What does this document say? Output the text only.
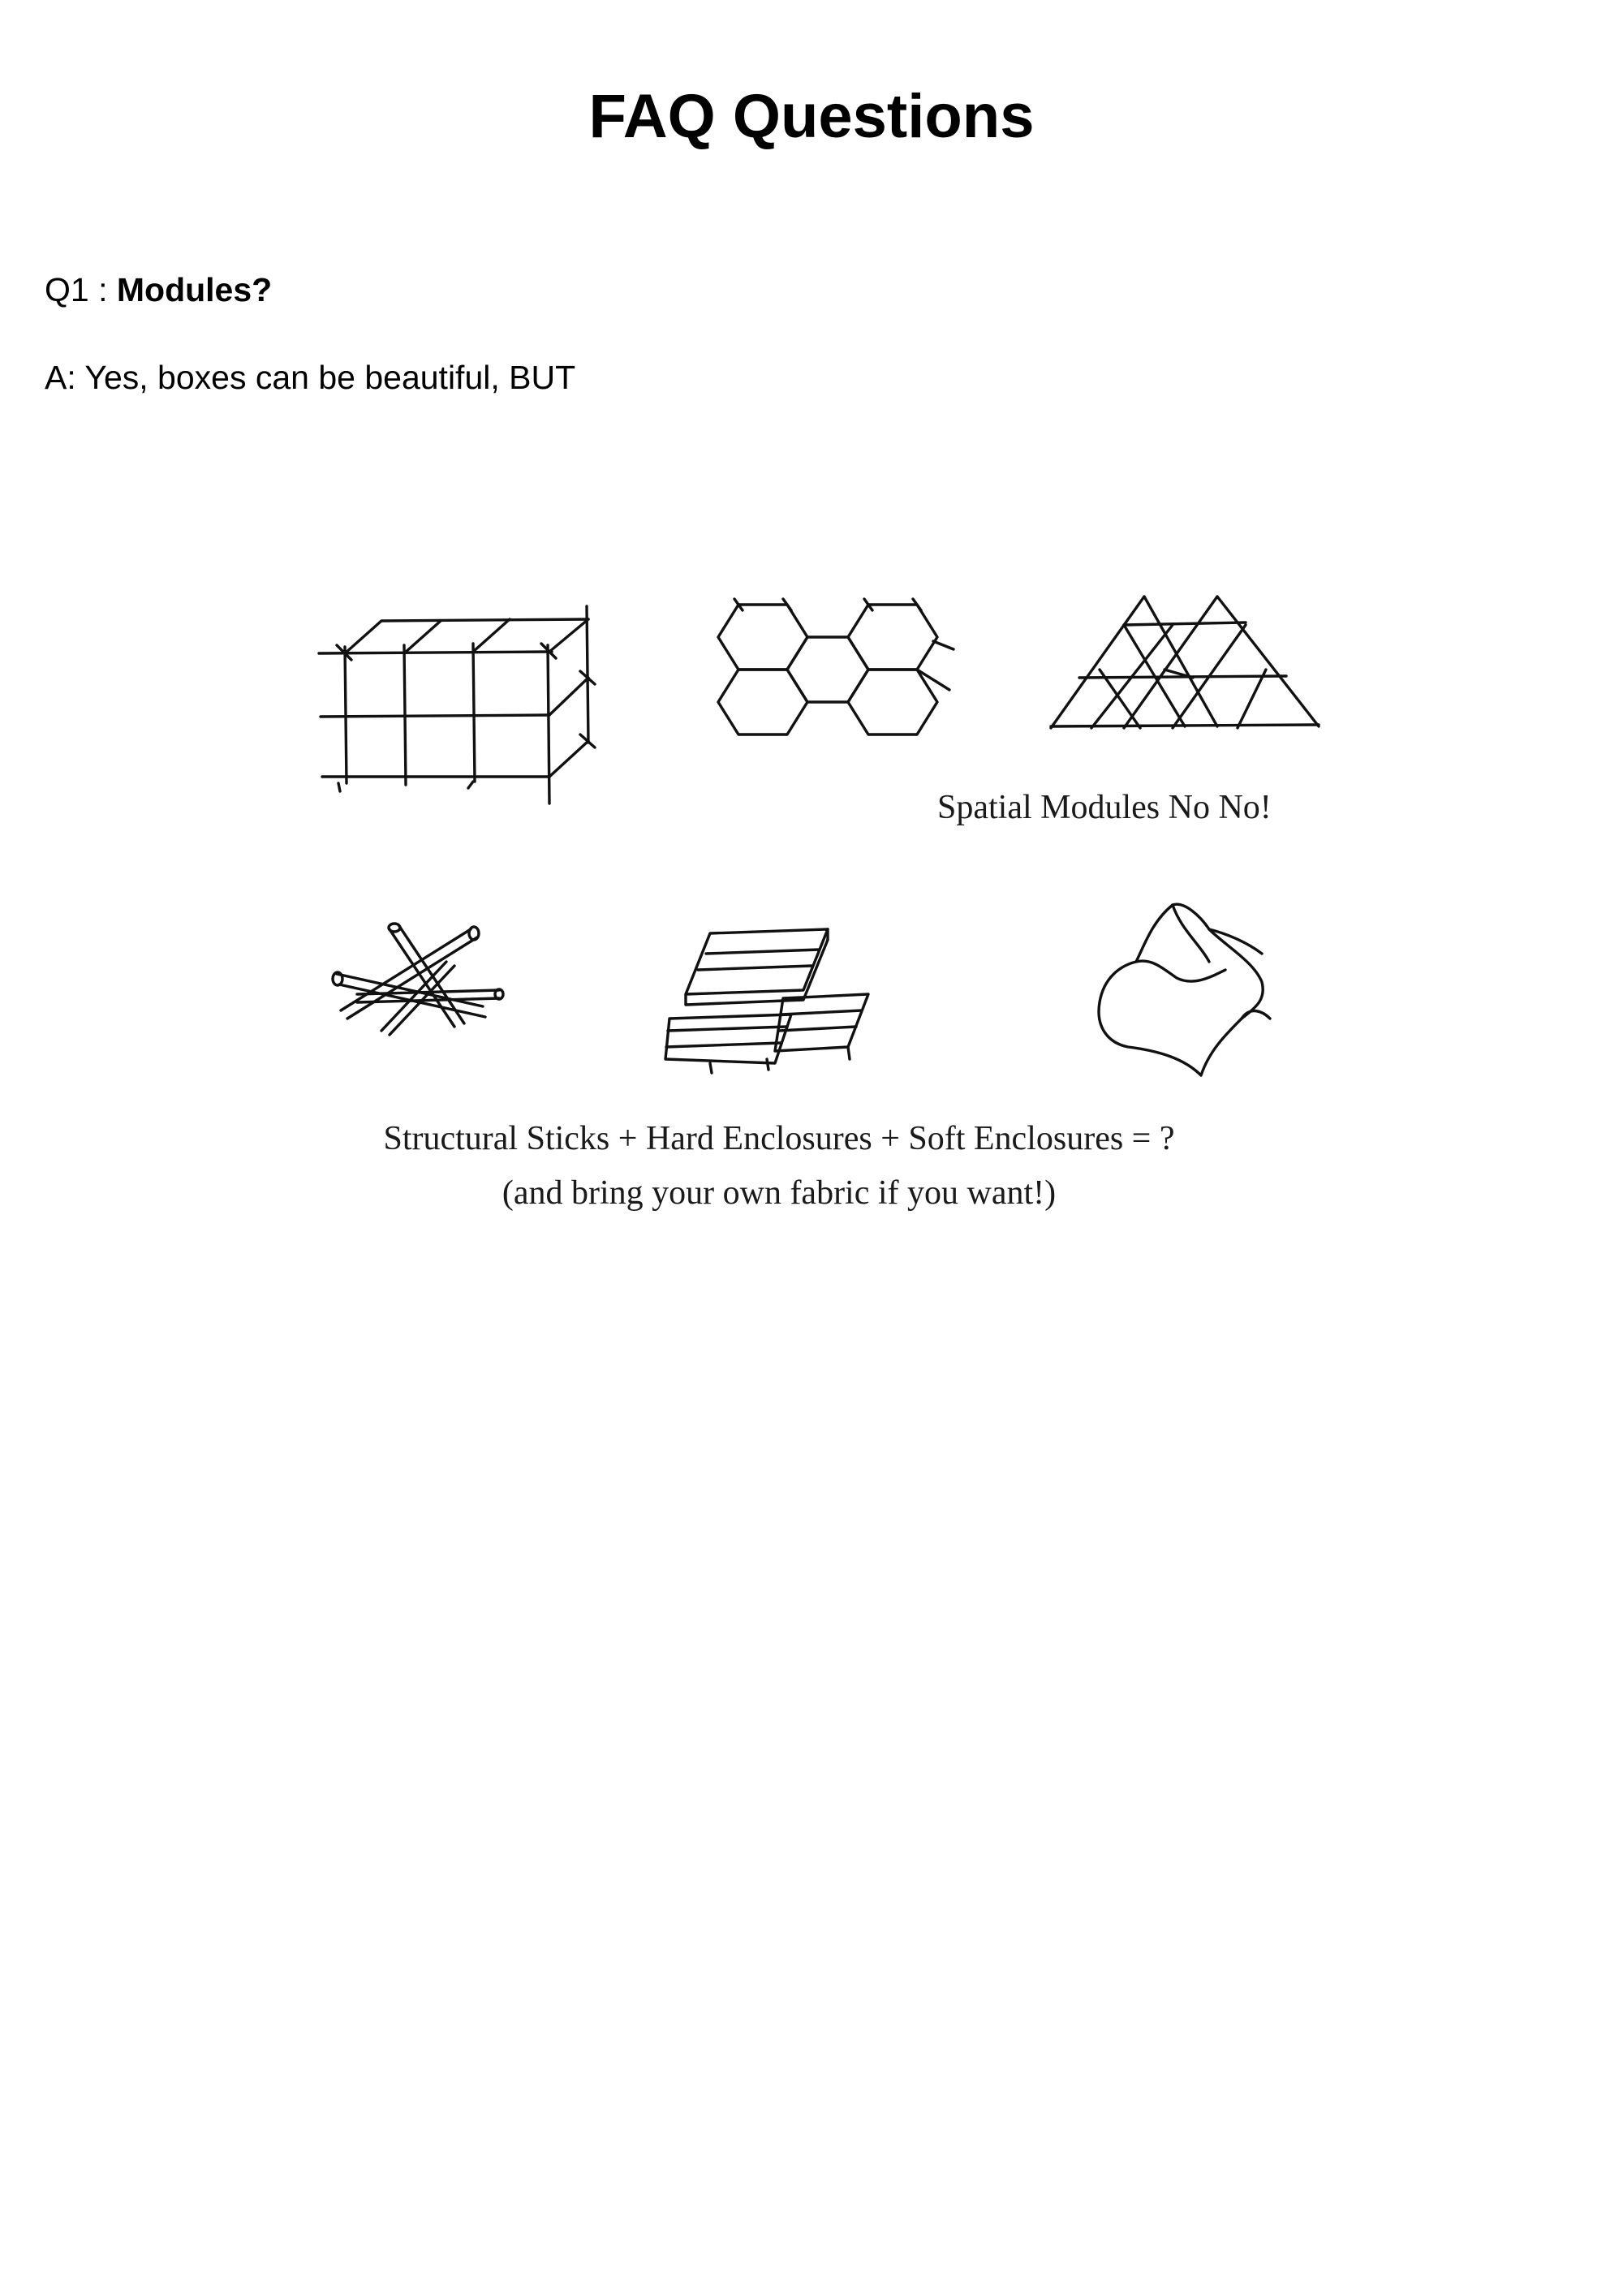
FAQ Questions
Q1 : Modules?
A: Yes, boxes can be beautiful, BUT
Spatial Modules No No!
Structural Sticks + Hard Enclosures + Soft Enclosures = ?
(and bring your own fabric if you want!)
